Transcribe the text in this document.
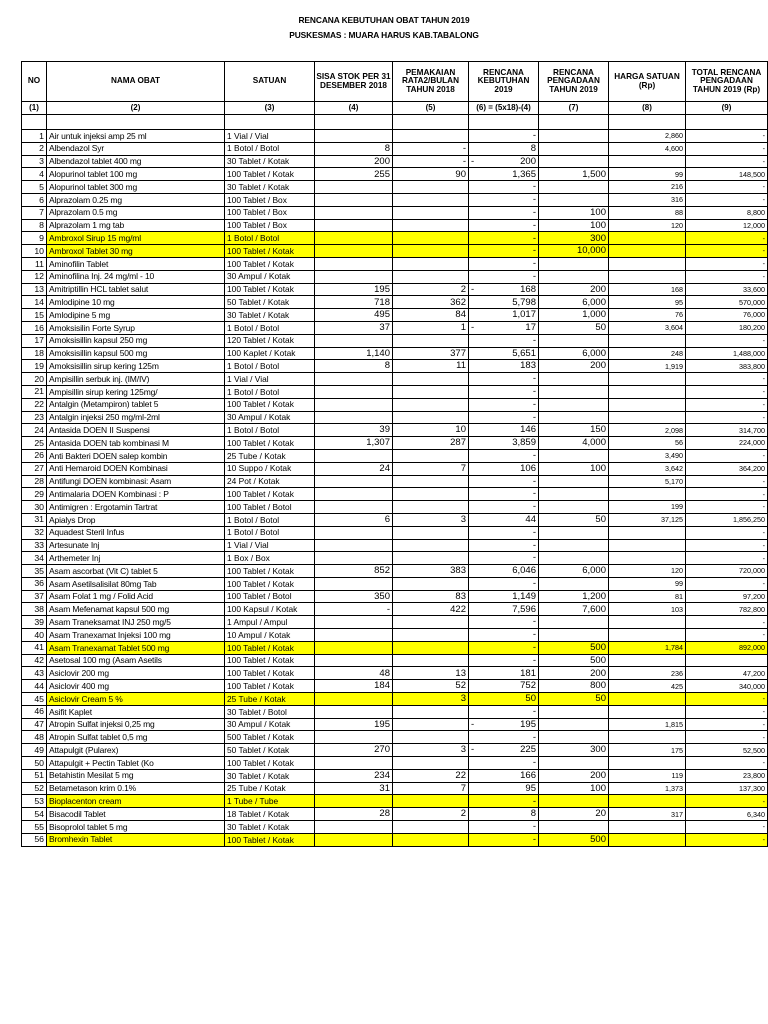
RENCANA KEBUTUHAN OBAT TAHUN 2019
PUSKESMAS : MUARA HARUS KAB.TABALONG
NO	NAMA OBAT	SATUAN	SISA STOK PER 31 DESEMBER 2018	PEMAKAIAN RATA2/BULAN TAHUN 2018	RENCANA KEBUTUHAN 2019	RENCANA PENGADAAN TAHUN 2019	HARGA SATUAN (Rp)	TOTAL RENCANA PENGADAAN TAHUN 2019 (Rp)
(1)	(2)	(3)	(4)	(5)	(6) = (5x18)-(4)	(7)	(8)	(9)

1	Air untuk injeksi amp 25 ml	1 Vial / Vial			-		2,860	-
2	Albendazol Syr	1 Botol / Botol	8	-	8		4,600	-
3	Albendazol tablet 400 mg	30 Tablet / Kotak	200	-	- 200			-
4	Alopurinol tablet 100 mg	100 Tablet / Kotak	255	90	1,365	1,500	99	148,500
5	Alopurinol tablet 300 mg	30 Tablet / Kotak			-		216	-
6	Alprazolam 0.25 mg	100 Tablet / Box			-		316	-
7	Alprazolam 0.5 mg	100 Tablet / Box			-	100	88	8,800
8	Alprazolam 1 mg tab	100 Tablet / Box			-	100	120	12,000
9	Ambroxol Sirup 15 mg/ml	1 Botol / Botol			-	300		-
10	Ambroxol Tablet 30 mg	100 Tablet / Kotak			-	10,000		-
11	Aminofilin Tablet	100 Tablet / Kotak			-			-
12	Aminofilina Inj. 24 mg/ml - 10	30 Ampul / Kotak			-			-
13	Amitriptillin HCL tablet salut	100 Tablet / Kotak	195	2	- 168	200	168	33,600
14	Amlodipine 10 mg	50 Tablet / Kotak	718	362	5,798	6,000	95	570,000
15	Amlodipine 5 mg	30 Tablet / Kotak	495	84	1,017	1,000	76	76,000
16	Amoksisilin Forte Syrup	1 Botol / Botol	37	1	- 17	50	3,604	180,200
17	Amoksisillin kapsul 250 mg	120 Tablet / Kotak			-			-
18	Amoksisillin kapsul 500 mg	100 Kaplet / Kotak	1,140	377	5,651	6,000	248	1,488,000
19	Amoksisillin sirup kering 125m	1 Botol / Botol	8	11	183	200	1,919	383,800
20	Ampisillin serbuk inj. (IM/IV)	1 Vial / Vial			-			-
21	Ampisillin sirup kering 125mg/	1 Botol / Botol			-			-
22	Antalgin (Metampiron) tablet 5	100 Tablet / Kotak			-			-
23	Antalgin injeksi 250 mg/ml-2ml	30 Ampul / Kotak			-			-
24	Antasida DOEN II Suspensi	1 Botol / Botol	39	10	146	150	2,098	314,700
25	Antasida DOEN tab kombinasi M	100 Tablet / Kotak	1,307	287	3,859	4,000	56	224,000
26	Anti Bakteri DOEN salep kombin	25 Tube / Kotak			-		3,490	-
27	Anti Hemaroid DOEN Kombinasi	10 Suppo / Kotak	24	7	106	100	3,642	364,200
28	Antifungi DOEN kombinasi: Asam	24 Pot / Kotak			-		5,170	-
29	Antimalaria DOEN Kombinasi : P	100 Tablet / Kotak			-			-
30	Antimigren : Ergotamin Tartrat	100 Tablet / Botol			-		199	-
31	Apialys Drop	1 Botol / Botol	6	3	44	50	37,125	1,856,250
32	Aquadest Steril Infus	1 Botol / Botol			-			-
33	Artesunate Inj	1 Vial / Vial			-			-
34	Arthemeter Inj	1 Box / Box			-			-
35	Asam ascorbat (Vit C) tablet 5	100 Tablet / Kotak	852	383	6,046	6,000	120	720,000
36	Asam Asetilsalisilat 80mg Tab	100 Tablet / Kotak			-		99	-
37	Asam Folat 1 mg / Folid Acid	100 Tablet / Botol	350	83	1,149	1,200	81	97,200
38	Asam Mefenamat kapsul 500 mg	100 Kapsul / Kotak	-	422	7,596	7,600	103	782,800
39	Asam Traneksamat INJ 250 mg/5	1 Ampul / Ampul			-			-
40	Asam Tranexamat Injeksi 100 mg	10 Ampul / Kotak			-			-
41	Asam Tranexamat Tablet 500 mg	100 Tablet / Kotak			-	500	1,784	892,000
42	Asetosal 100 mg (Asam Asetils	100 Tablet / Kotak			-	500		
43	Asiclovir 200 mg	100 Tablet / Kotak	48	13	181	200	236	47,200
44	Asiclovir 400 mg	100 Tablet / Kotak	184	52	752	800	425	340,000
45	Asiclovir Cream 5 %	25 Tube / Kotak		3	50	50		-
46	Asifit Kaplet	30 Tablet / Botol			-			-
47	Atropin Sulfat injeksi 0,25 mg	30 Ampul / Kotak	195		- 195		1,815	-
48	Atropin Sulfat tablet 0,5 mg	500 Tablet / Kotak			-			-
49	Attapulgit (Pularex)	50 Tablet / Kotak	270	3	- 225	300	175	52,500
50	Attapulgit + Pectin Tablet (Ko	100 Tablet / Kotak			-			-
51	Betahistin Mesilat 5 mg	30 Tablet / Kotak	234	22	166	200	119	23,800
52	Betametason krim 0.1%	25 Tube / Kotak	31	7	95	100	1,373	137,300
53	Bioplacenton cream	1 Tube / Tube			-			-
54	Bisacodil Tablet	18 Tablet / Kotak	28	2	8	20	317	6,340
55	Bisoprolol tablet 5 mg	30 Tablet / Kotak			-			-
56	Bromhexin Tablet	100 Tablet / Kotak			-	500		-
